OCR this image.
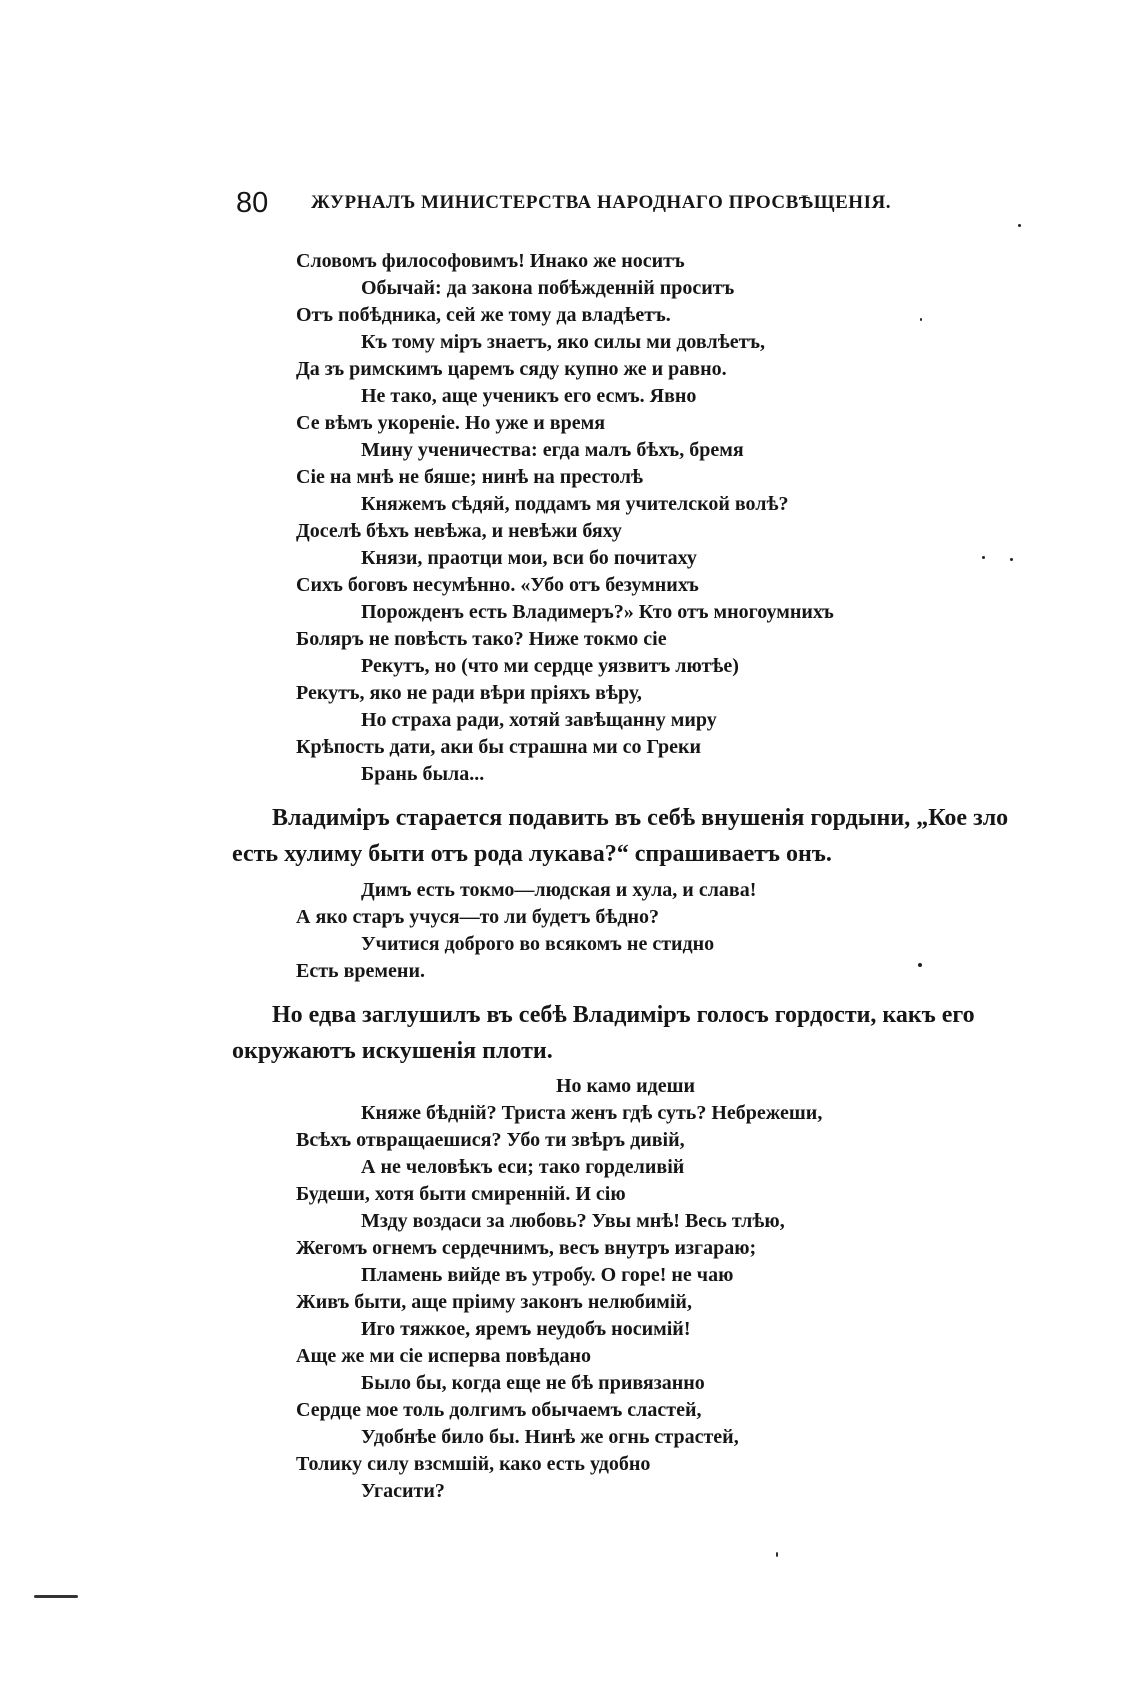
80 ЖУРНАЛЪ МИНИСТЕРСТВА НАРОДНАГО ПРОСВѢЩЕНІЯ.
Словомъ философовимъ! Инако же носитъ
Обычай: да закона побѣжденній проситъ
Отъ побѣдника, сей же тому да владѣетъ.
Къ тому міръ знаетъ, яко силы ми довлѣетъ,
Да зъ римскимъ царемъ сяду купно же и равно.
Не тако, аще ученикъ его есмъ. Явно
Се вѣмъ укореніе. Но уже и время
Мину ученичества: егда малъ бѣхъ, бремя
Сіе на мнѣ не бяше; нинѣ на престолѣ
Княжемъ сѣдяй, поддамъ мя учителской волѣ?
Доселѣ бѣхъ невѣжа, и невѣжи бяху
Князи, праотци мои, вси бо почитаху
Сихъ боговъ несумѣнно. «Убо отъ безумнихъ
Порожденъ есть Владимеръ?» Кто отъ многоумнихъ
Боляръ не повѣсть тако? Ниже токмо сіе
Рекутъ, но (что ми сердце уязвитъ лютѣе)
Рекутъ, яко не ради вѣри пріяхъ вѣру,
Но страха ради, хотяй завѣщанну миру
Крѣпость дати, аки бы страшна ми со Греки
Брань была...

Владиміръ старается подавить въ себѣ внушенія гордыни, „Кое зло есть хулиму быти отъ рода лукава?“ спрашиваетъ онъ.

Димъ есть токмо—людская и хула, и слава!
А яко старъ учуся—то ли будетъ бѣдно?
Учитися доброго во всякомъ не стидно
Есть времени.

Но едва заглушилъ въ себѣ Владиміръ голосъ гордости, какъ его окружаютъ искушенія плоти.

Но камо идеши
Княже бѣдній? Триста женъ гдѣ суть? Небрежеши,
Всѣхъ отвращаешися? Убо ти звѣръ дивій,
А не человѣкъ еси; тако горделивій
Будеши, хотя быти смиренній. И сію
Мзду воздаси за любовь? Увы мнѣ! Весь тлѣю,
Жегомъ огнемъ сердечнимъ, весъ внутръ изгараю;
Пламень вийде въ утробу. О горе! не чаю
Живъ быти, аще пріиму законъ нелюбимій,
Иго тяжкое, яремъ неудобъ носимій!
Аще же ми сіе исперва повѣдано
Было бы, когда еще не бѣ привязанно
Сердце мое толь долгимъ обычаемъ сластей,
Удобнѣе било бы. Нинѣ же огнь страстей,
Толику силу взсмшій, како есть удобно
Угасити?
